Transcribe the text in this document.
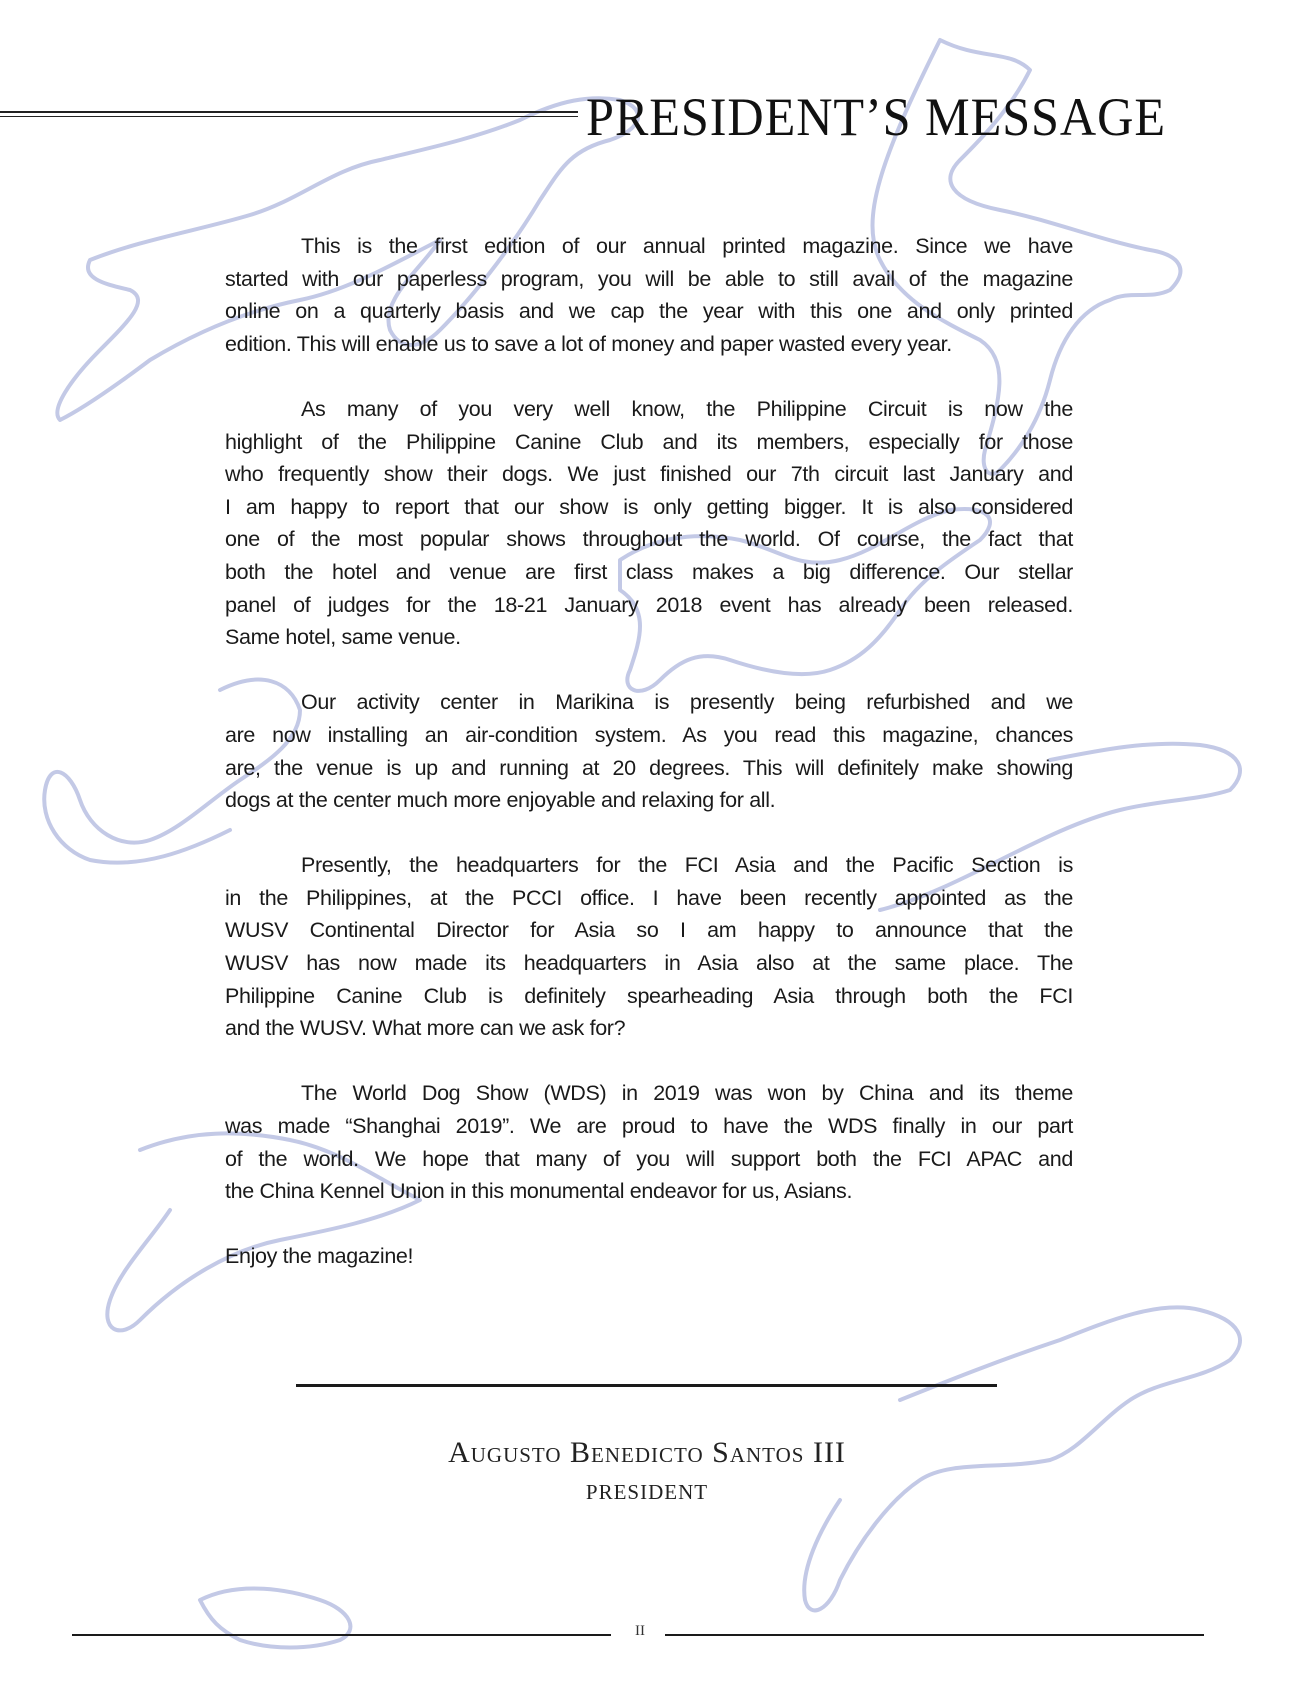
PRESIDENT’S MESSAGE
This is the first edition of our annual printed magazine. Since we have
started with our paperless program, you will be able to still avail of the magazine
online on a quarterly basis and we cap the year with this one and only printed
edition. This will enable us to save a lot of money and paper wasted every year.
As many of you very well know, the Philippine Circuit is now the
highlight of the Philippine Canine Club and its members, especially for those
who frequently show their dogs. We just finished our 7th circuit last January and
I am happy to report that our show is only getting bigger. It is also considered
one of the most popular shows throughout the world. Of course, the fact that
both the hotel and venue are first class makes a big difference. Our stellar
panel of judges for the 18-21 January 2018 event has already been released.
Same hotel, same venue.
Our activity center in Marikina is presently being refurbished and we
are now installing an air-condition system. As you read this magazine, chances
are, the venue is up and running at 20 degrees. This will definitely make showing
dogs at the center much more enjoyable and relaxing for all.
Presently, the headquarters for the FCI Asia and the Pacific Section is
in the Philippines, at the PCCI office. I have been recently appointed as the
WUSV Continental Director for Asia so I am happy to announce that the
WUSV has now made its headquarters in Asia also at the same place. The
Philippine Canine Club is definitely spearheading Asia through both the FCI
and the WUSV. What more can we ask for?
The World Dog Show (WDS) in 2019 was won by China and its theme
was made “Shanghai 2019”. We are proud to have the WDS finally in our part
of the world. We hope that many of you will support both the FCI APAC and
the China Kennel Union in this monumental endeavor for us, Asians.
Enjoy the magazine!
Augusto Benedicto Santos III
PRESIDENT
II
